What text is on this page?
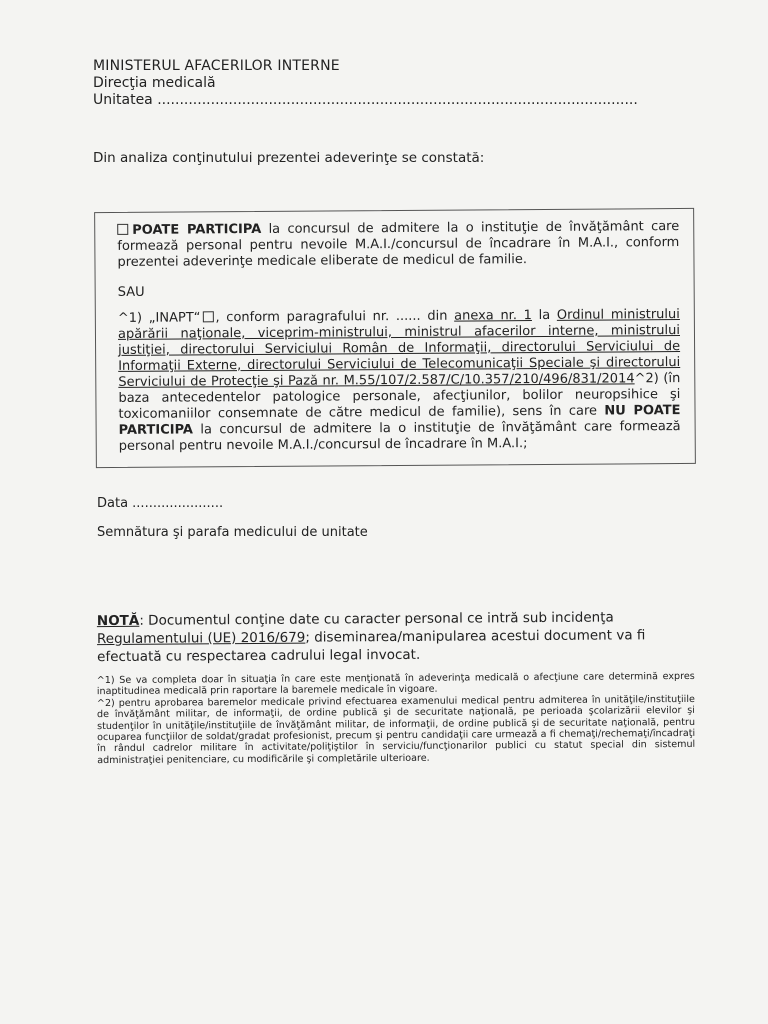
MINISTERUL AFACERILOR INTERNE
Direcţia medicală
Unitatea ............................................................................................................
Din analiza conţinutului prezentei adeverinţe se constată:

POATE PARTICIPA la concursul de admitere la o instituţie de învăţământ care formează personal pentru nevoile M.A.I./concursul de încadrare în M.A.I., conform prezentei adeverinţe medicale eliberate de medicul de familie.

SAU

^1) „INAPT“ , conform paragrafului nr. ...... din anexa nr. 1 la Ordinul ministrului apărării naţionale, viceprim-ministrului, ministrul afacerilor interne, ministrului justiţiei, directorului Serviciului Român de Informaţii, directorului Serviciului de Informaţii Externe, directorului Serviciului de Telecomunicaţii Speciale şi directorului Serviciului de Protecţie şi Pază nr. M.55/107/2.587/C/10.357/210/496/831/2014^2) (în baza antecedentelor patologice personale, afecţiunilor, bolilor neuropsihice şi toxicomaniilor consemnate de către medicul de familie), sens în care NU POATE PARTICIPA la concursul de admitere la o instituţie de învăţământ care formează personal pentru nevoile M.A.I./concursul de încadrare în M.A.I.;

Data ......................
Semnătura şi parafa medicului de unitate
NOTĂ: Documentul conţine date cu caracter personal ce intră sub incidenţa Regulamentului (UE) 2016/679; diseminarea/manipularea acestui document va fi efectuată cu respectarea cadrului legal invocat.

^1) Se va completa doar în situaţia în care este menţionată în adeverinţa medicală o afecţiune care determină expres inaptitudinea medicală prin raportare la baremele medicale în vigoare.

^2) pentru aprobarea baremelor medicale privind efectuarea examenului medical pentru admiterea în unităţile/instituţiile de învăţământ militar, de informaţii, de ordine publică şi de securitate naţională, pe perioada şcolarizării elevilor şi studenţilor în unităţile/instituţiile de învăţământ militar, de informaţii, de ordine publică şi de securitate naţională, pentru ocuparea funcţiilor de soldat/gradat profesionist, precum şi pentru candidaţii care urmează a fi chemaţi/rechemaţi/încadraţi în rândul cadrelor militare în activitate/poliţiştilor în serviciu/funcţionarilor publici cu statut special din sistemul administraţiei penitenciare, cu modificările şi completările ulterioare.
